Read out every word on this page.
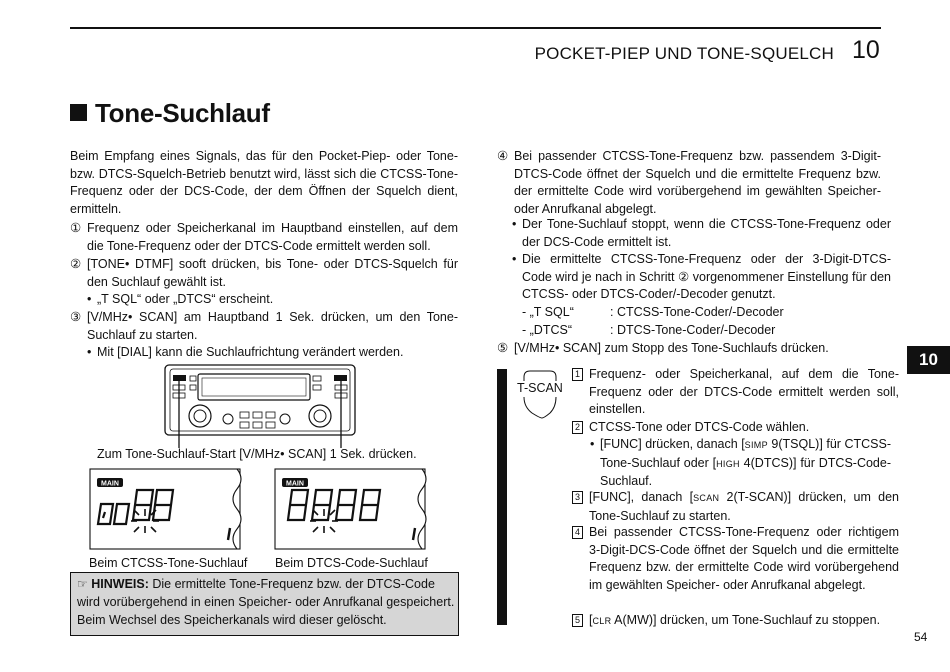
POCKET-PIEP UND TONE-SQUELCH 10
Tone-Suchlauf
Beim Empfang eines Signals, das für den Pocket-Piep- oder Tone-bzw. DTCS-Squelch-Betrieb benutzt wird, lässt sich die CTCSS-Tone-Frequenz oder der DCS-Code, der dem Öffnen der Squelch dient, ermitteln.
① Frequenz oder Speicherkanal im Hauptband einstellen, auf dem die Tone-Frequenz oder der DTCS-Code ermittelt werden soll.
② [TONE• DTMF] sooft drücken, bis Tone- oder DTCS-Squelch für den Suchlauf gewählt ist.
• „T SQL“ oder „DTCS“ erscheint.
③ [V/MHz• SCAN] am Hauptband 1 Sek. drücken, um den Tone-Suchlauf zu starten.
• Mit [DIAL] kann die Suchlaufrichtung verändert werden.
Zum Tone-Suchlauf-Start [V/MHz• SCAN] 1 Sek. drücken.
MAIN	MAIN
Beim CTCSS-Tone-Suchlauf Beim DTCS-Code-Suchlauf
☞ HINWEIS: Die ermittelte Tone-Frequenz bzw. der DTCS-Code wird vorübergehend in einen Speicher- oder Anrufkanal gespeichert. Beim Wechsel des Speicherkanals wird dieser gelöscht.
④ Bei passender CTCSS-Tone-Frequenz bzw. passendem 3-Digit-DTCS-Code öffnet der Squelch und die ermittelte Frequenz bzw. der ermittelte Code wird vorübergehend im gewählten Speicher-oder Anrufkanal abgelegt.
• Der Tone-Suchlauf stoppt, wenn die CTCSS-Tone-Frequenz oder der DCS-Code ermittelt ist.
• Die ermittelte CTCSS-Tone-Frequenz oder der 3-Digit-DTCS-Code wird je nach in Schritt ② vorgenommener Einstellung für den CTCSS- oder DTCS-Coder/-Decoder genutzt.
- „T SQL“	: CTCSS-Tone-Coder/-Decoder
- „DTCS“	: DTCS-Tone-Coder/-Decoder
⑤ [V/MHz• SCAN] zum Stopp des Tone-Suchlaufs drücken.
T-SCAN
1 Frequenz- oder Speicherkanal, auf dem die Tone-Frequenz oder der DTCS-Code ermittelt werden soll, einstellen.
2 CTCSS-Tone oder DTCS-Code wählen.
• [FUNC] drücken, danach [SIMP 9(TSQL)] für CTCSS-Tone-Suchlauf oder [HIGH 4(DTCS)] für DTCS-Code-Suchlauf.
3 [FUNC], danach [SCAN 2(T-SCAN)] drücken, um den Tone-Suchlauf zu starten.
4 Bei passender CTCSS-Tone-Frequenz oder richtigem 3-Digit-DCS-Code öffnet der Squelch und die ermittelte Frequenz bzw. der ermittelte Code wird vorübergehend im gewählten Speicher- oder Anrufkanal abgelegt.
5 [CLR A(MW)] drücken, um Tone-Suchlauf zu stoppen.
10
54
